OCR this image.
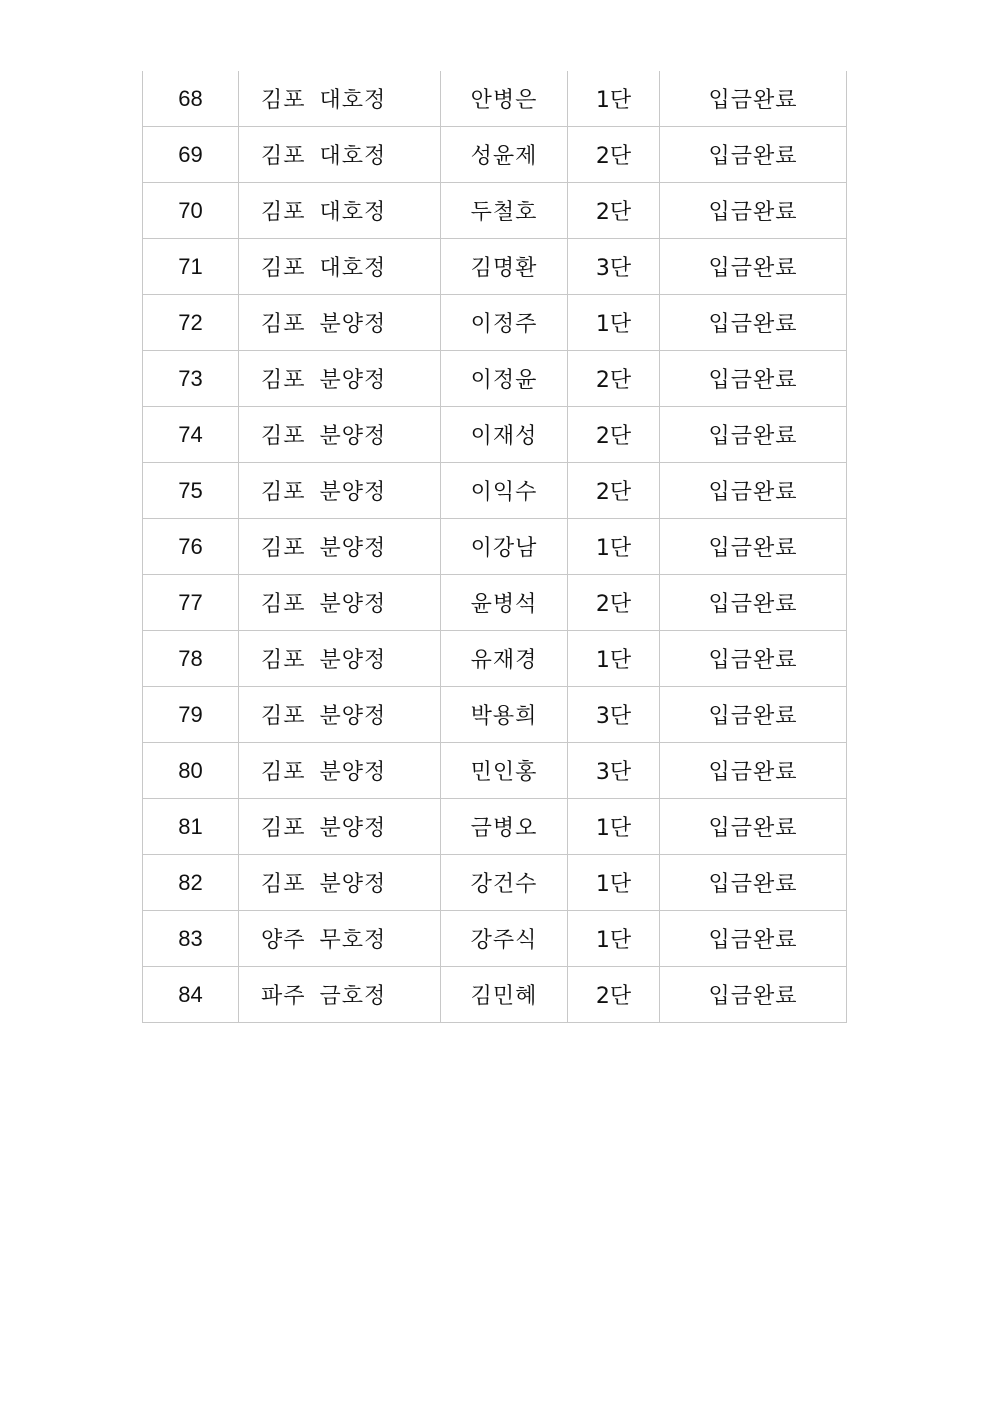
68	김포 대호정	안병은	1단	입금완료
69	김포 대호정	성윤제	2단	입금완료
70	김포 대호정	두철호	2단	입금완료
71	김포 대호정	김명환	3단	입금완료
72	김포 분양정	이정주	1단	입금완료
73	김포 분양정	이정윤	2단	입금완료
74	김포 분양정	이재성	2단	입금완료
75	김포 분양정	이익수	2단	입금완료
76	김포 분양정	이강남	1단	입금완료
77	김포 분양정	윤병석	2단	입금완료
78	김포 분양정	유재경	1단	입금완료
79	김포 분양정	박용희	3단	입금완료
80	김포 분양정	민인홍	3단	입금완료
81	김포 분양정	금병오	1단	입금완료
82	김포 분양정	강건수	1단	입금완료
83	양주 무호정	강주식	1단	입금완료
84	파주 금호정	김민혜	2단	입금완료
